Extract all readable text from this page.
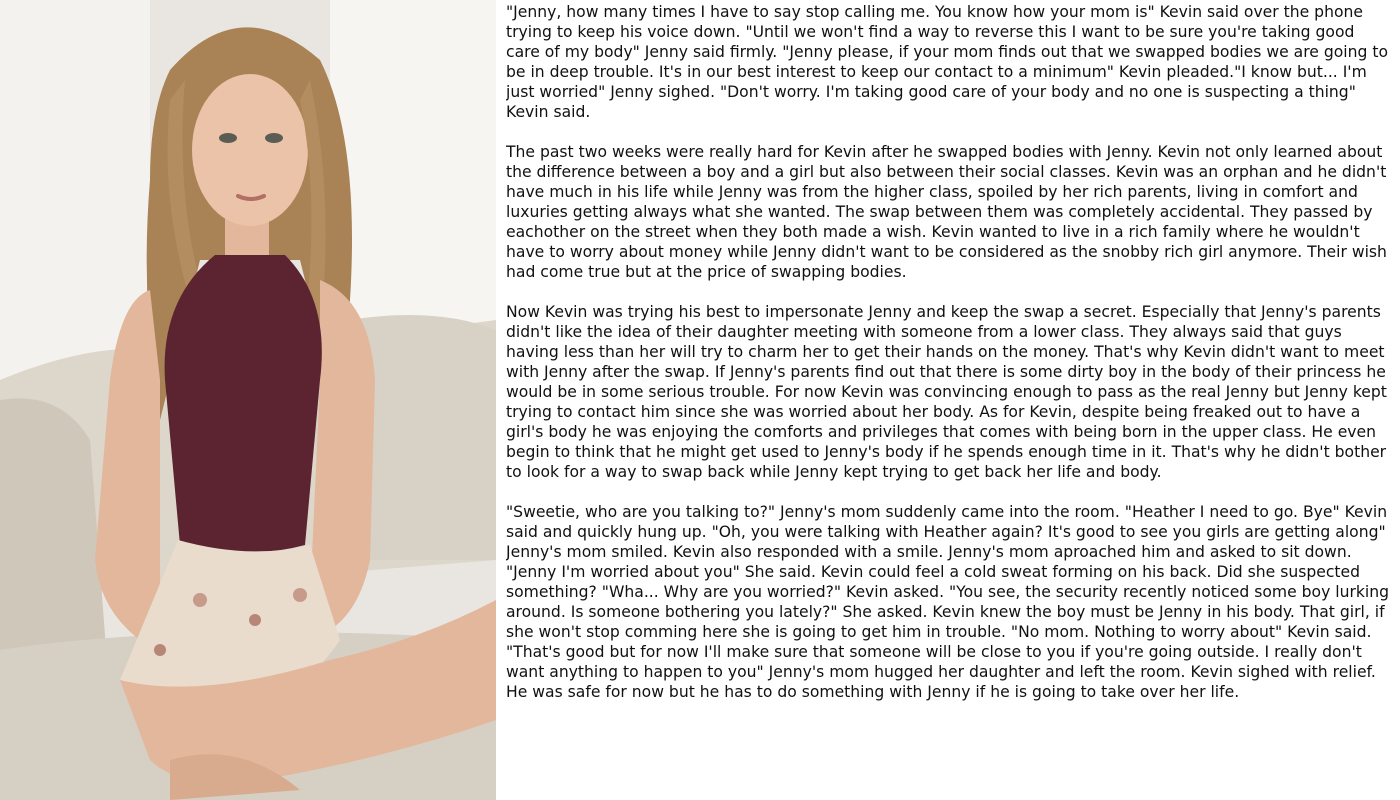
"Jenny, how many times I have to say stop calling me. You know how your mom is" Kevin said over the phone trying to keep his voice down. "Until we won't find a way to reverse this I want to be sure you're taking good care of my body" Jenny said firmly. "Jenny please, if your mom finds out that we swapped bodies we are going to be in deep trouble. It's in our best interest to keep our contact to a minimum" Kevin pleaded."I know but... I'm just worried" Jenny sighed. "Don't worry. I'm taking good care of your body and no one is suspecting a thing" Kevin said.

The past two weeks were really hard for Kevin after he swapped bodies with Jenny. Kevin not only learned about the difference between a boy and a girl but also between their social classes. Kevin was an orphan and he didn't have much in his life while Jenny was from the higher class, spoiled by her rich parents, living in comfort and luxuries getting always what she wanted. The swap between them was completely accidental. They passed by eachother on the street when they both made a wish. Kevin wanted to live in a rich family where he wouldn't have to worry about money while Jenny didn't want to be considered as the snobby rich girl anymore. Their wish had come true but at the price of swapping bodies.

Now Kevin was trying his best to impersonate Jenny and keep the swap a secret. Especially that Jenny's parents didn't like the idea of their daughter meeting with someone from a lower class. They always said that guys having less than her will try to charm her to get their hands on the money. That's why Kevin didn't want to meet with Jenny after the swap. If Jenny's parents find out that there is some dirty boy in the body of their princess he would be in some serious trouble. For now Kevin was convincing enough to pass as the real Jenny but Jenny kept trying to contact him since she was worried about her body. As for Kevin, despite being freaked out to have a girl's body he was enjoying the comforts and privileges that comes with being born in the upper class. He even begin to think that he might get used to Jenny's body if he spends enough time in it. That's why he didn't bother to look for a way to swap back while Jenny kept trying to get back her life and body.

"Sweetie, who are you talking to?" Jenny's mom suddenly came into the room. "Heather I need to go. Bye" Kevin said and quickly hung up. "Oh, you were talking with Heather again? It's good to see you girls are getting along" Jenny's mom smiled. Kevin also responded with a smile. Jenny's mom aproached him and asked to sit down. "Jenny I'm worried about you" She said. Kevin could feel a cold sweat forming on his back. Did she suspected something? "Wha... Why are you worried?" Kevin asked. "You see, the security recently noticed some boy lurking around. Is someone bothering you lately?" She asked. Kevin knew the boy must be Jenny in his body. That girl, if she won't stop comming here she is going to get him in trouble. "No mom. Nothing to worry about" Kevin said. "That's good but for now I'll make sure that someone will be close to you if you're going outside. I really don't want anything to happen to you" Jenny's mom hugged her daughter and left the room. Kevin sighed with relief. He was safe for now but he has to do something with Jenny if he is going to take over her life.
